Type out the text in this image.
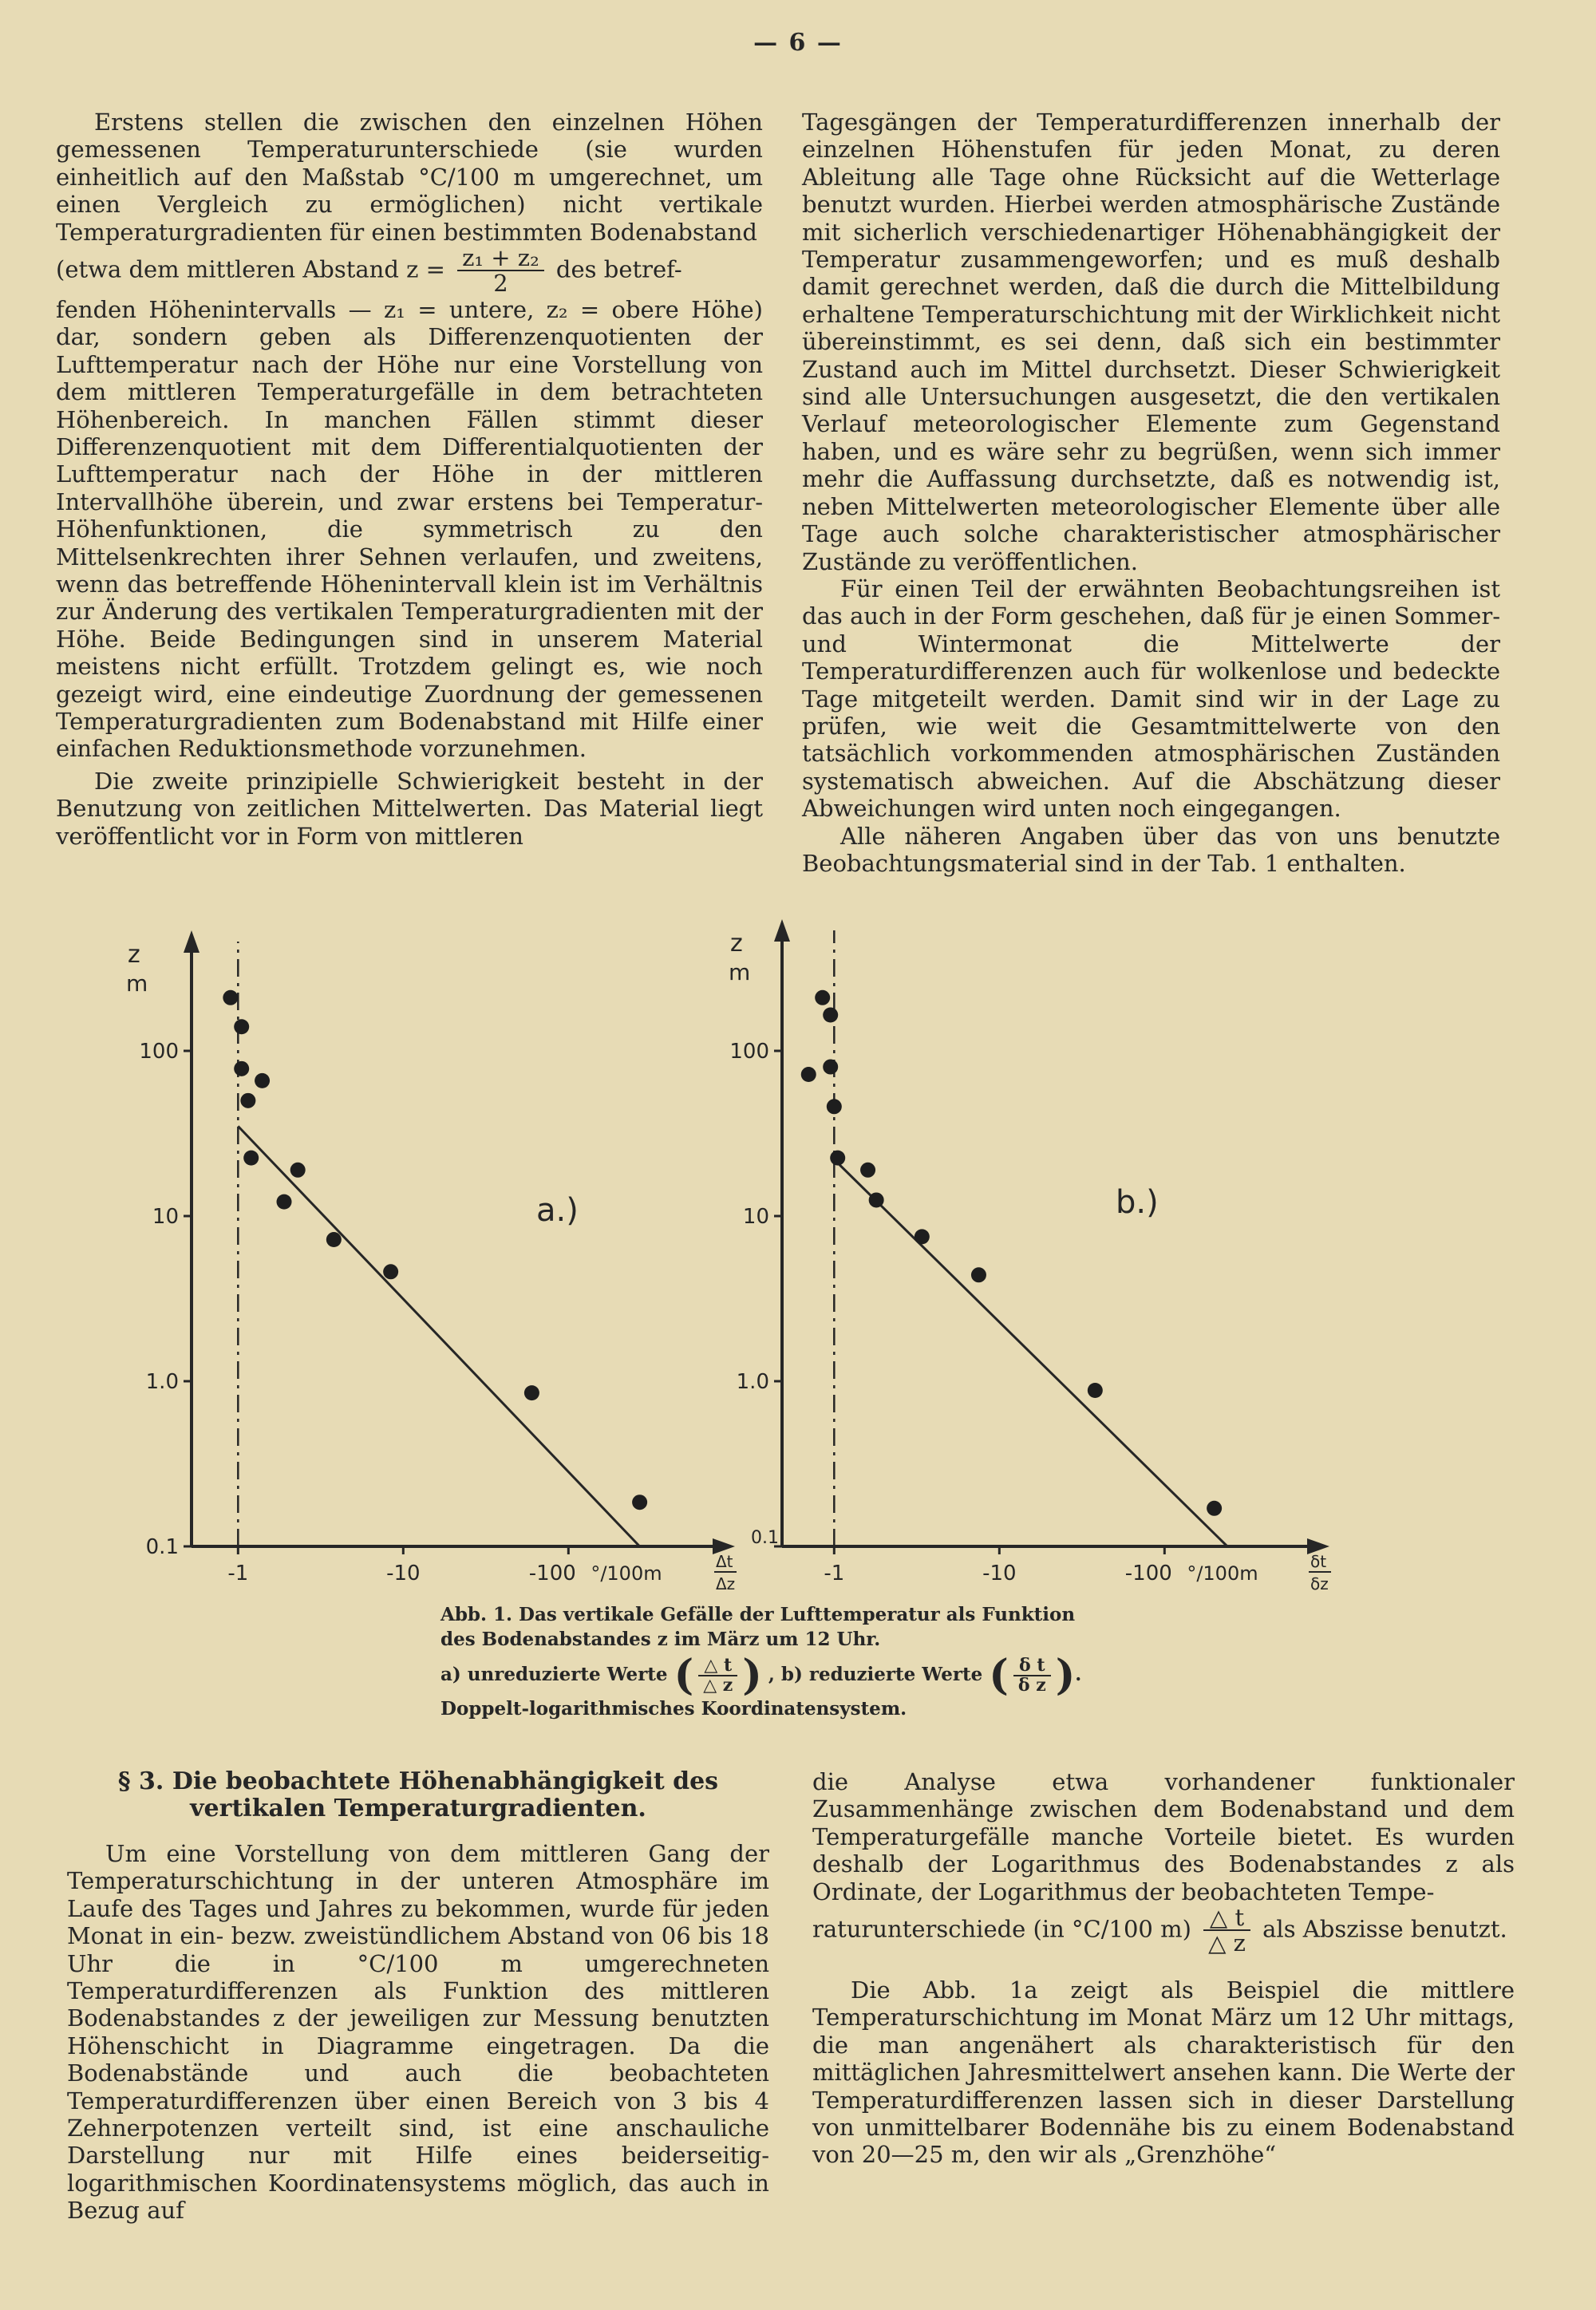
— 6 —

Erstens stellen die zwischen den einzelnen Höhen gemessenen Temperaturunterschiede (sie wurden einheitlich auf den Maßstab °C/100 m umgerechnet, um einen Vergleich zu ermöglichen) nicht vertikale Temperaturgradienten für einen bestimmten Bodenabstand

(etwa dem mittleren Abstand $z = \frac{\text{z₁ + z₂}}{2}$ des betref-

fenden Höhenintervalls — z₁ = untere, z₂ = obere Höhe) dar, sondern geben als Differenzenquotienten der Lufttemperatur nach der Höhe nur eine Vorstellung von dem mittleren Temperaturgefälle in dem betrachteten Höhenbereich. In manchen Fällen stimmt dieser Differenzenquotient mit dem Differentialquotienten der Lufttemperatur nach der Höhe in der mittleren Intervallhöhe überein, und zwar erstens bei Temperatur-Höhenfunktionen, die symmetrisch zu den Mittelsenkrechten ihrer Sehnen verlaufen, und zweitens, wenn das betreffende Höhenintervall klein ist im Verhältnis zur Änderung des vertikalen Temperaturgradienten mit der Höhe. Beide Bedingungen sind in unserem Material meistens nicht erfüllt. Trotzdem gelingt es, wie noch gezeigt wird, eine eindeutige Zuordnung der gemessenen Temperaturgradienten zum Bodenabstand mit Hilfe einer einfachen Reduktionsmethode vorzunehmen.

Die zweite prinzipielle Schwierigkeit besteht in der Benutzung von zeitlichen Mittelwerten. Das Material liegt veröffentlicht vor in Form von mittleren

Tagesgängen der Temperaturdifferenzen innerhalb der einzelnen Höhenstufen für jeden Monat, zu deren Ableitung alle Tage ohne Rücksicht auf die Wetterlage benutzt wurden. Hierbei werden atmosphärische Zustände mit sicherlich verschiedenartiger Höhenabhängigkeit der Temperatur zusammengeworfen; und es muß deshalb damit gerechnet werden, daß die durch die Mittelbildung erhaltene Temperaturschichtung mit der Wirklichkeit nicht übereinstimmt, es sei denn, daß sich ein bestimmter Zustand auch im Mittel durchsetzt. Dieser Schwierigkeit sind alle Untersuchungen ausgesetzt, die den vertikalen Verlauf meteorologischer Elemente zum Gegenstand haben, und es wäre sehr zu begrüßen, wenn sich immer mehr die Auffassung durchsetzte, daß es notwendig ist, neben Mittelwerten meteorologischer Elemente über alle Tage auch solche charakteristischer atmosphärischer Zustände zu veröffentlichen.

Für einen Teil der erwähnten Beobachtungsreihen ist das auch in der Form geschehen, daß für je einen Sommer- und Wintermonat die Mittelwerte der Temperaturdifferenzen auch für wolkenlose und bedeckte Tage mitgeteilt werden. Damit sind wir in der Lage zu prüfen, wie weit die Gesamtmittelwerte von den tatsächlich vorkommenden atmosphärischen Zuständen systematisch abweichen. Auf die Abschätzung dieser Abweichungen wird unten noch eingegangen.

Alle näheren Angaben über das von uns benutzte Beobachtungsmaterial sind in der Tab. 1 enthalten.

0.1
1.0
10
100
-1	-10	-100
z
m
°/100m
Δt
Δz
a.)
0.1
1.0
10
100
-1	-10	-100
z
m
°/100m
δt
δz
b.)
Abb. 1. Das vertikale Gefälle der Lufttemperatur als Funktion
des Bodenabstandes z im März um 12 Uhr.
a) unreduzierte Werte ( $\frac{\triangle t}{\triangle z}$ ) , b) reduzierte Werte ( $\frac{\text{δ t}}{\text{δ z}}$ ).
Doppelt-logarithmisches Koordinatensystem.
§ 3. Die beobachtete Höhenabhängigkeit des vertikalen Temperaturgradienten.

Um eine Vorstellung von dem mittleren Gang der Temperaturschichtung in der unteren Atmosphäre im Laufe des Tages und Jahres zu bekommen, wurde für jeden Monat in ein- bezw. zweistündlichem Abstand von 06 bis 18 Uhr die in °C/100 m umgerechneten Temperaturdifferenzen als Funktion des mittleren Bodenabstandes z der jeweiligen zur Messung benutzten Höhenschicht in Diagramme eingetragen. Da die Bodenabstände und auch die beobachteten Temperaturdifferenzen über einen Bereich von 3 bis 4 Zehnerpotenzen verteilt sind, ist eine anschauliche Darstellung nur mit Hilfe eines beiderseitig-logarithmischen Koordinatensystems möglich, das auch in Bezug auf

die Analyse etwa vorhandener funktionaler Zusammenhänge zwischen dem Bodenabstand und dem Temperaturgefälle manche Vorteile bietet. Es wurden deshalb der Logarithmus des Bodenabstandes z als Ordinate, der Logarithmus der beobachteten Tempe-

raturunterschiede (in °C/100 $m) \frac{\triangle t}{\triangle z}$ als Abszisse benutzt.

Die Abb. 1a zeigt als Beispiel die mittlere Temperaturschichtung im Monat März um 12 Uhr mittags, die man angenähert als charakteristisch für den mittäglichen Jahresmittelwert ansehen kann. Die Werte der Temperaturdifferenzen lassen sich in dieser Darstellung von unmittelbarer Bodennähe bis zu einem Bodenabstand von 20—25 m, den wir als „Grenzhöhe“
